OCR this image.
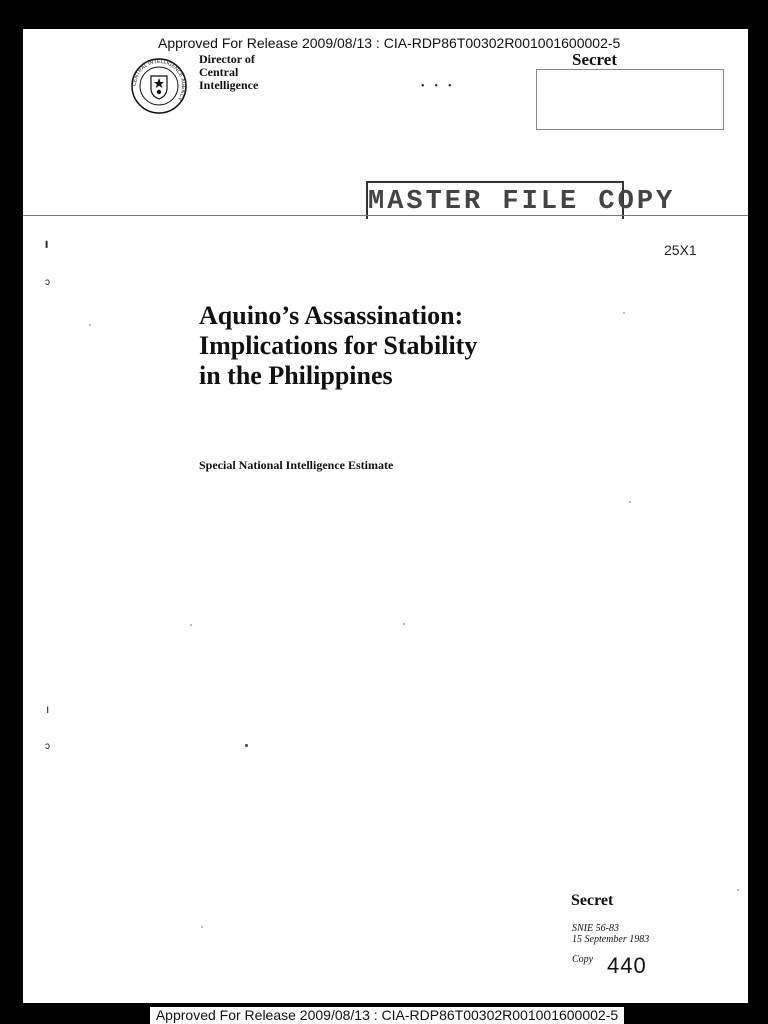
Approved For Release 2009/08/13 : CIA-RDP86T00302R001001600002-5
CENTRAL INTELLIGENCE AGENCY
Director of
Central
Intelligence	•••
Secret
MASTER FILE COPY
25X1
╹
ↄ
ı
ↄ
Aquino’s Assassination:
Implications for Stability
in the Philippines
Special National Intelligence Estimate
Secret
SNIE 56-83
15 September 1983
Copy 440
Approved For Release 2009/08/13 : CIA-RDP86T00302R001001600002-5
